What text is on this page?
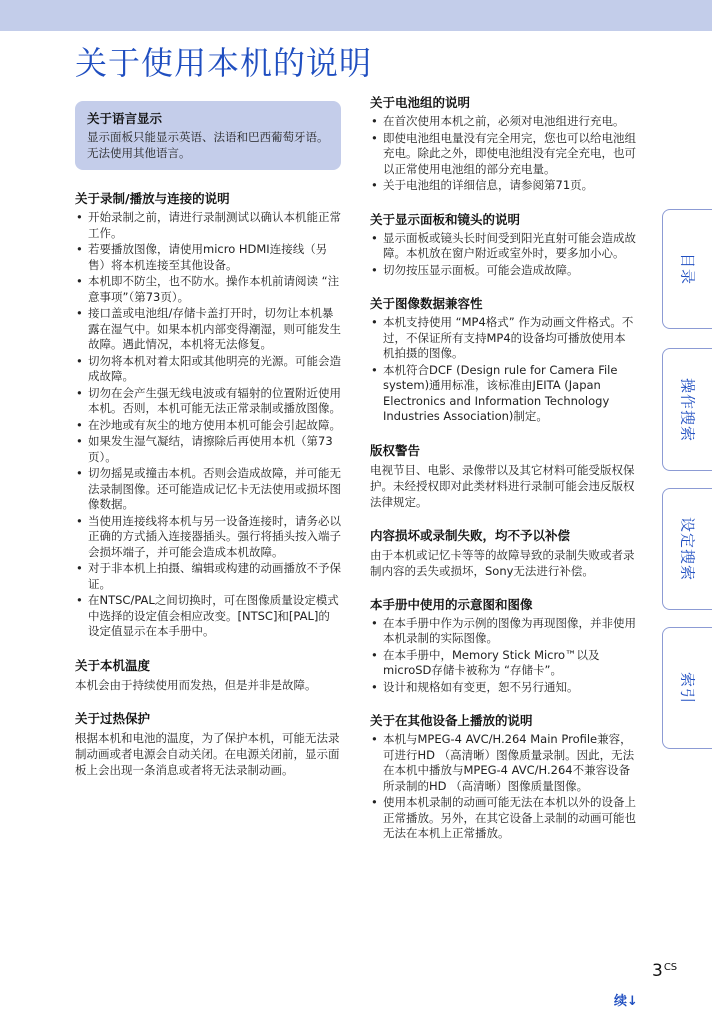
关于使用本机的说明
关于语言显示

显示面板只能显示英语、法语和巴西葡萄牙语。无法使用其他语言。

关于录制/播放与连接的说明
• 开始录制之前，请进行录制测试以确认本机能正常工作。
• 若要播放图像，请使用micro HDMI连接线（另售）将本机连接至其他设备。
• 本机即不防尘，也不防水。操作本机前请阅读 “注意事项”（第73页）。
• 接口盖或电池组/存储卡盖打开时，切勿让本机暴露在湿气中。如果本机内部变得潮湿，则可能发生故障。遇此情况，本机将无法修复。
• 切勿将本机对着太阳或其他明亮的光源。可能会造成故障。
• 切勿在会产生强无线电波或有辐射的位置附近使用本机。否则，本机可能无法正常录制或播放图像。
• 在沙地或有灰尘的地方使用本机可能会引起故障。
• 如果发生湿气凝结，请擦除后再使用本机（第73页）。
• 切勿摇晃或撞击本机。否则会造成故障，并可能无法录制图像。还可能造成记忆卡无法使用或损坏图像数据。
• 当使用连接线将本机与另一设备连接时，请务必以正确的方式插入连接器插头。强行将插头按入端子会损坏端子，并可能会造成本机故障。
• 对于非本机上拍摄、编辑或构建的动画播放不予保证。
• 在NTSC/PAL之间切换时，可在图像质量设定模式中选择的设定值会相应改变。[NTSC]和[PAL]的设定值显示在本手册中。
关于本机温度

本机会由于持续使用而发热，但是并非是故障。

关于过热保护

根据本机和电池的温度，为了保护本机，可能无法录制动画或者电源会自动关闭。在电源关闭前，显示面板上会出现一条消息或者将无法录制动画。

关于电池组的说明
• 在首次使用本机之前，必须对电池组进行充电。
• 即使电池组电量没有完全用完，您也可以给电池组充电。除此之外，即使电池组没有完全充电，也可以正常使用电池组的部分充电量。
• 关于电池组的详细信息，请参阅第71页。
关于显示面板和镜头的说明
• 显示面板或镜头长时间受到阳光直射可能会造成故障。本机放在窗户附近或室外时，要多加小心。
• 切勿按压显示面板。可能会造成故障。
关于图像数据兼容性
• 本机支持使用 “MP4格式” 作为动画文件格式。不过，不保证所有支持MP4的设备均可播放使用本机拍摄的图像。
• 本机符合DCF (Design rule for Camera File system)通用标准，该标准由JEITA (Japan Electronics and Information Technology Industries Association)制定。
版权警告

电视节目、电影、录像带以及其它材料可能受版权保护。未经授权即对此类材料进行录制可能会违反版权法律规定。

内容损坏或录制失败，均不予以补偿

由于本机或记忆卡等等的故障导致的录制失败或者录制内容的丢失或损坏，Sony无法进行补偿。

本手册中使用的示意图和图像
• 在本手册中作为示例的图像为再现图像，并非使用本机录制的实际图像。
• 在本手册中，Memory Stick Micro™以及microSD存储卡被称为 “存储卡”。
• 设计和规格如有变更，恕不另行通知。
关于在其他设备上播放的说明
• 本机与MPEG-4 AVC/H.264 Main Profile兼容，可进行HD （高清晰）图像质量录制。因此，无法在本机中播放与MPEG-4 AVC/H.264不兼容设备所录制的HD （高清晰）图像质量图像。
• 使用本机录制的动画可能无法在本机以外的设备上正常播放。另外，在其它设备上录制的动画可能也无法在本机上正常播放。
目录
操作搜索
设定搜索
索引
$3^{CS}$
续↓
